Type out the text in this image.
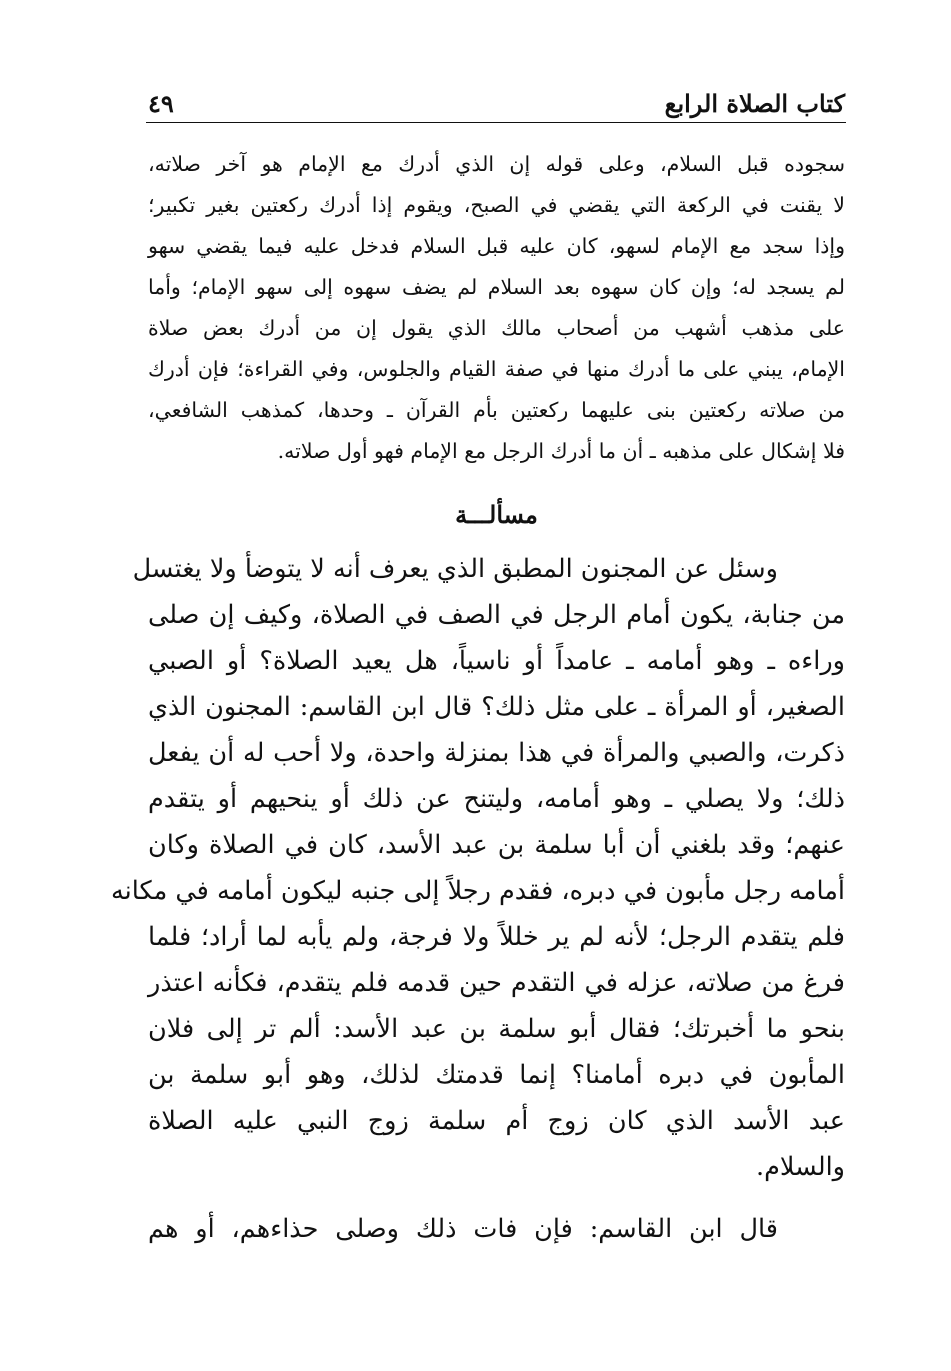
كتاب الصلاة الرابع
٤٩
سجوده قبل السلام، وعلى قوله إن الذي أدرك مع الإمام هو آخر صلاته،
لا يقنت في الركعة التي يقضي في الصبح، ويقوم إذا أدرك ركعتين بغير تكبير؛
وإذا سجد مع الإمام لسهو، كان عليه قبل السلام فدخل عليه فيما يقضي سهو
لم يسجد له؛ وإن كان سهوه بعد السلام لم يضف سهوه إلى سهو الإمام؛ وأما
على مذهب أشهب من أصحاب مالك الذي يقول إن من أدرك بعض صلاة
الإمام، يبني على ما أدرك منها في صفة القيام والجلوس، وفي القراءة؛ فإن أدرك
من صلاته ركعتين بنى عليهما ركعتين بأم القرآن ـ وحدها، كمذهب الشافعي،
فلا إشكال على مذهبه ـ أن ما أدرك الرجل مع الإمام فهو أول صلاته.
مسألـــة
وسئل عن المجنون المطبق الذي يعرف أنه لا يتوضأ ولا يغتسل
من جنابة، يكون أمام الرجل في الصف في الصلاة، وكيف إن صلى
وراءه ـ وهو أمامه ـ عامداً أو ناسياً، هل يعيد الصلاة؟ أو الصبي
الصغير، أو المرأة ـ على مثل ذلك؟ قال ابن القاسم: المجنون الذي
ذكرت، والصبي والمرأة في هذا بمنزلة واحدة، ولا أحب له أن يفعل
ذلك؛ ولا يصلي ـ وهو أمامه، وليتنح عن ذلك أو ينحيهم أو يتقدم
عنهم؛ وقد بلغني أن أبا سلمة بن عبد الأسد، كان في الصلاة وكان
أمامه رجل مأبون في دبره، فقدم رجلاً إلى جنبه ليكون أمامه في مكانه
فلم يتقدم الرجل؛ لأنه لم ير خللاً ولا فرجة، ولم يأبه لما أراد؛ فلما
فرغ من صلاته، عزله في التقدم حين قدمه فلم يتقدم، فكأنه اعتذر
بنحو ما أخبرتك؛ فقال أبو سلمة بن عبد الأسد: ألم تر إلى فلان
المأبون في دبره أمامنا؟ إنما قدمتك لذلك، وهو أبو سلمة بن
عبد الأسد الذي كان زوج أم سلمة زوج النبي عليه الصلاة
والسلام.
قال ابن القاسم: فإن فات ذلك وصلى حذاءهم، أو هم
